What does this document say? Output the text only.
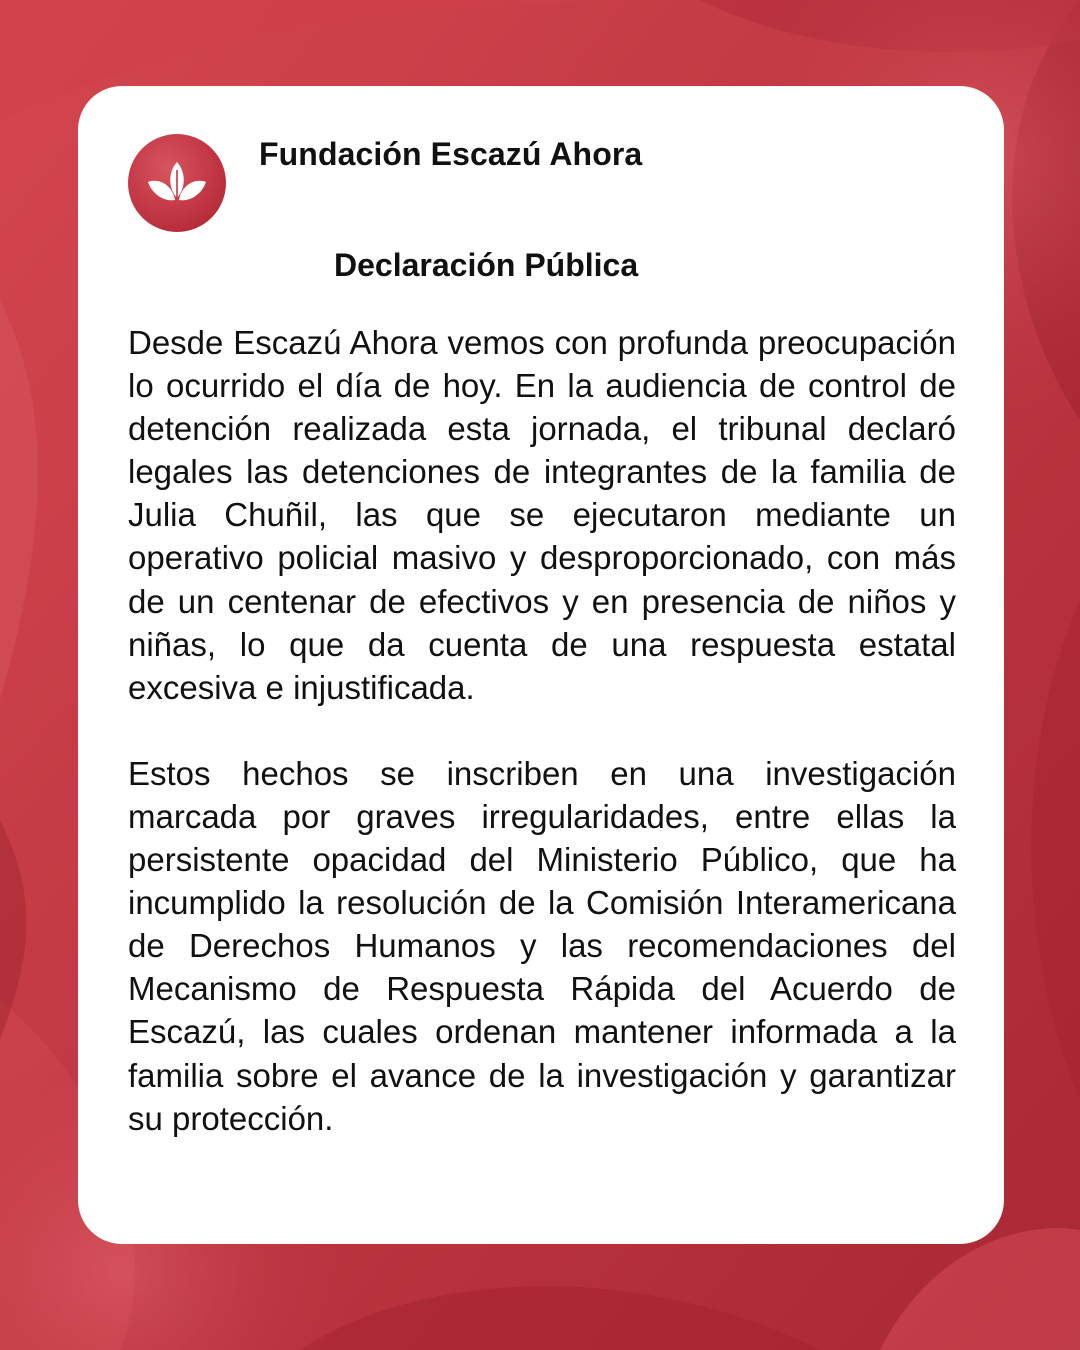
Fundación Escazú Ahora
Declaración Pública

Desde Escazú Ahora vemos con profunda preocupación lo ocurrido el día de hoy. En la audiencia de control de detención realizada esta jornada, el tribunal declaró legales las detenciones de integrantes de la familia de Julia Chuñil, las que se ejecutaron mediante un operativo policial masivo y desproporcionado, con más de un centenar de efectivos y en presencia de niños y niñas, lo que da cuenta de una respuesta estatal excesiva e injustificada.

Estos hechos se inscriben en una investigación marcada por graves irregularidades, entre ellas la persistente opacidad del Ministerio Público, que ha incumplido la resolución de la Comisión Interamericana de Derechos Humanos y las recomendaciones del Mecanismo de Respuesta Rápida del Acuerdo de Escazú, las cuales ordenan mantener informada a la familia sobre el avance de la investigación y garantizar su protección.
